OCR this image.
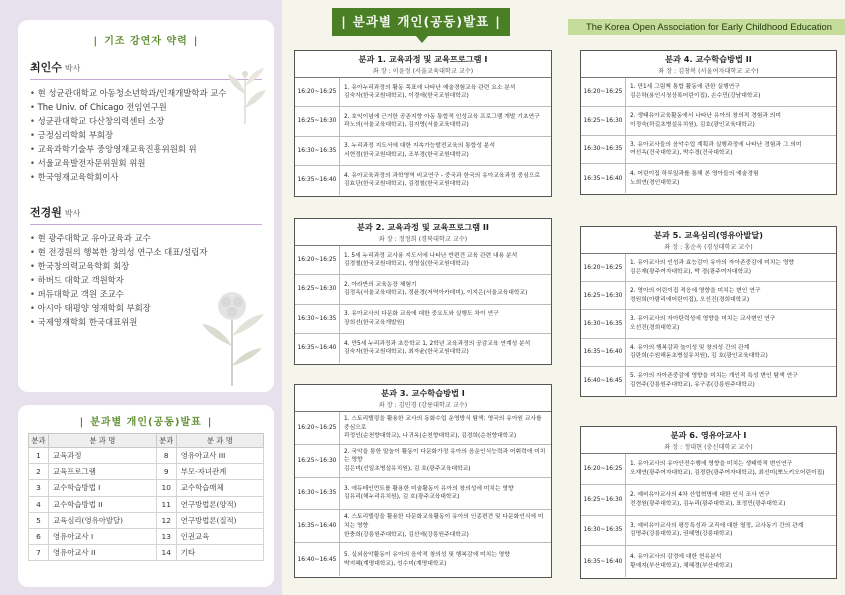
| 기조 강연자 약력 |
최인수 박사
• 현 성균관대학교 아동청소년학과/인재개발학과 교수
• The Univ. of Chicago 전임연구원
• 성균관대학교 다산창의력센터 소장
• 긍정심리학회 부회장
• 교육과학기술부 중앙영재교육진흥위원회 위
• 서울교육발전자문위원회 위원
• 한국영재교육학회이사
전경원 박사
• 현 광주대학교 유아교육과 교수
• 현 전경원의 행복한 창의성 연구소 대표/설립자
• 한국창의력교육학회 회장
• 하버드 대학교 객원학자
• 퍼듀대학교 객원 조교수
• 아시아 태평양 영재학회 부회장
• 국제영재학회 한국대표위원
| 분과별 개인(공동)발표 |
분과	분 과 명	분과	분 과 명
1	교육과정	8	영유아교사 III
2	교육프로그램	9	부모-자녀관계
3	교수학습방법 I	10	교수학습매체
4	교수학습방법 II	11	연구방법론(양적)
5	교육심리(영유아발달)	12	연구방법론(질적)
6	영유아교사 I	13	인권교육
7	영유아교사 II	14	기타
| 분과별 개인(공동)발표 |	The Korea Open Association for Early Childhood Education
분과 1. 교육과정 및 교육프로그램 I
좌 장 : 이윤정 (서울교육대학교 교수)
16:20~16:25
1. 유아누리과정의 활동 목표에 나타난 예술경험교육 관련 요소 분석
김숙자(한국교원대학교), 이경애(한국교원대학교)
16:25~16:30
2. 호익이념에 근거한 공존지향 아동 통합적 인성교육 프로그램 개발 기초연구
곽노의(서울교육대학교), 김지영(서울교육대학교)
16:30~16:35
3. 누리과정 지도서에 대한 지속가능발전교육의 통합성 분석
서현정(한국교원대학교), 조부경(한국교원대학교)
16:35~16:40
4. 유아교육과정의 과학영역 비교연구 - 중국과 한국의 유아교육과정 중심으로
김효단(한국교원대학교), 김경철(한국교원대학교)
분과 2. 교육과정 및 교육프로그램 II
좌 장 : 정정희 (경북대학교 교수)
16:20~16:25
1. 5세 누리과정 교사용 지도서에 나타난 반편견 교육 관련 내용 분석
김경철(한국교원대학교), 성영실(한국교원대학교)
16:25~16:30
2. 아라반의 교육농장 체험기
김정옥(서울교육대학교), 정윤경(저역아카데미), 이지은(서울교육대학교)
16:30~16:35
3. 유아교사의 다문화 교육에 대한 중요도와 실행도 차이 연구
장희선(한국교육개발원)
16:35~16:40
4. 만5세 누리과정과 초등학교 1, 2학년 교육과정의 공감교육 연계성 분석
김숙자(한국교원대학교), 최자윤(한국교원대학교)
분과 3. 교수학습방법 I
좌 장 : 김민경 (강릉대학교 교수)
16:20~16:25
1. 스토리텔링을 활용한 교사의 동화수업 운영방식 탐색: 영국의 유아원 교사를 중심으로
곽정인(순천향대학교), 나귀옥(순천향대학교), 김경희(순천향대학교)
16:25~16:30
2. 국악을 통한 말놀이 활동이 다문화가정 유아의 음운인식능력과 어휘력에 미치는 영향
김은미(선일초병설유치원), 김 호(광주교육대학교)
16:30~16:35
3. 애듀테인먼트를 활용한 미술활동이 유아의 창의성에 미치는 영향
김유리(해누리유치원), 김 호(광주교육대학교)
16:35~16:40
4. 스토리텔링을 활용한 다문화교육활동이 유아의 인종편견 및 다문화인식에 미치는 영향
한충희(강릉원주대학교), 김선애(강릉원주대학교)
16:40~16:45
5. 실외음악활동이 유아의 음악적 창의성 및 행복감에 미치는 영향
박지혜(계명대학교), 성수미(계명대학교)
분과 4. 교수학습방법 II
좌 장 : 김창복 (서울여자대학교 교수)
16:20~16:25
1. 만1세 그림책 통합 활동에 관한 실행연구
김은하(용인시청상록어린이집), 손수민(강남대학교)
16:25~16:30
2. 생태유아교육활동에서 나타난 유아의 창의적 경험과 의미
이정숙(하길초병설유치원), 김호(광인교육대학교)
16:30~16:35
3. 유아교사들의 음악수업 계획과 실행과정에 나타난 경험과 그 의미
여선옥(건국대학교), 박수경(건국대학교)
16:35~16:40
4. 어린이집 하루일과를 통해 본 영아들의 예술경험
노희연(경인대학교)
분과 5. 교육심리(영유아발달)
좌 장 : 홍순옥 (경성대학교 교수)
16:20~16:25
1. 유아교사의 인성과 효능감이 유아의 자아존중감에 미치는 영향
김은재(광주여자대학교), 박 경(광주여자대학교)
16:25~16:30
2. 영아의 어린이집 적응에 영향을 미치는 변인 연구
정원희(아람리에어린이집), 오선진(경희대학교)
16:30~16:35
3. 유아교사의 자아탄력성에 영향을 미치는 교사변인 연구
오선진(경희대학교)
16:35~16:40
4. 유아의 행복감과 놀이성 및 창의성 간의 관계
김란희(수원해돋초병설유치원), 김 호(광인교육대학교)
16:40~16:45
5. 유아의 자아존중감에 영향을 미치는 개인적 특성 변인 탐색 연구
김현주(강릉원주대학교), 유구종(강릉원주대학교)
분과 6. 영유아교사 I
좌 장 : 정대현 (충신대학교 교수)
16:20~16:25
1. 유아교사의 유아안전수행에 영향을 미치는 생태학적 변인연구
오재연(광주여자대학교), 김경란(광주여자대학교), 최선미(뽀노키오어린이집)
16:25~16:30
2. 예비유아교사의 4차 산업혁명에 대한 인식 조사 연구
전경원(광주대학교), 김누리(광주대학교), 표정민(광주대학교)
16:30~16:35
3. 예비유아교사의 평등특성과 교직에 대한 열정, 교사동기 간의 관계
김명주(강릉대학교), 권혜영(강릉대학교)
16:35~16:40
4. 유아교사의 감정에 대한 현유분석
황예지(부산대학교), 채혜경(부산대학교)
